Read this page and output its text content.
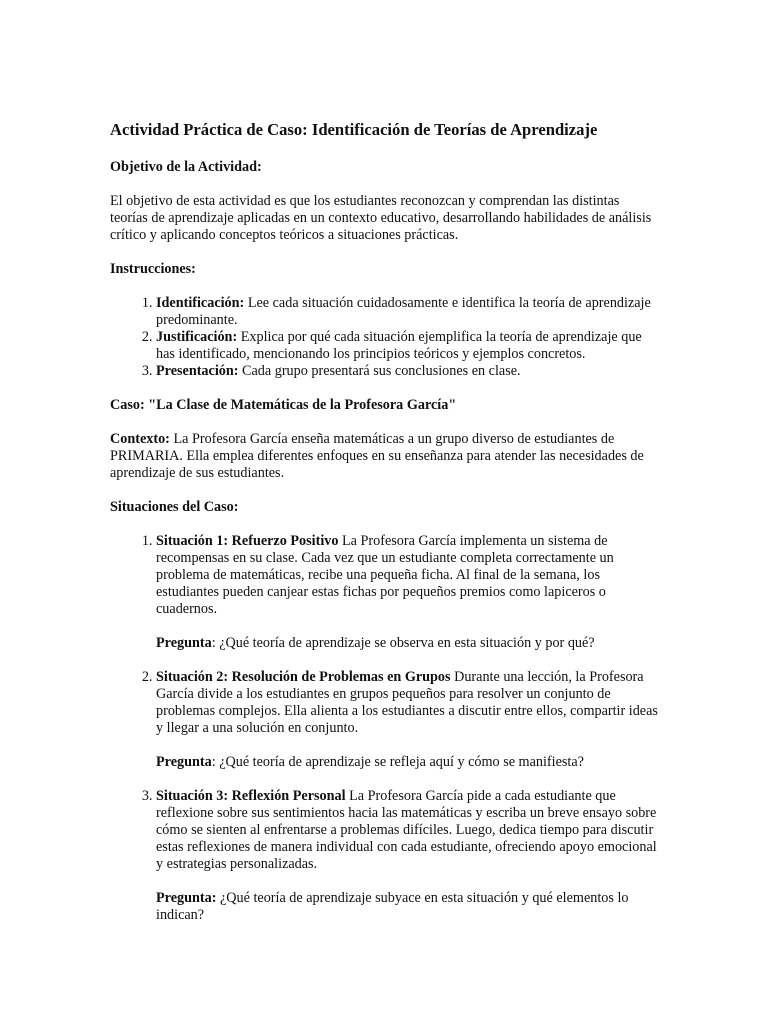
Actividad Práctica de Caso: Identificación de Teorías de Aprendizaje
Objetivo de la Actividad:

El objetivo de esta actividad es que los estudiantes reconozcan y comprendan las distintas teorías de aprendizaje aplicadas en un contexto educativo, desarrollando habilidades de análisis crítico y aplicando conceptos teóricos a situaciones prácticas.

Instrucciones:
1. Identificación: Lee cada situación cuidadosamente e identifica la teoría de aprendizaje predominante.
2. Justificación: Explica por qué cada situación ejemplifica la teoría de aprendizaje que has identificado, mencionando los principios teóricos y ejemplos concretos.
3. Presentación: Cada grupo presentará sus conclusiones en clase.
Caso: "La Clase de Matemáticas de la Profesora García"

Contexto: La Profesora García enseña matemáticas a un grupo diverso de estudiantes de PRIMARIA. Ella emplea diferentes enfoques en su enseñanza para atender las necesidades de aprendizaje de sus estudiantes.

Situaciones del Caso:

1. Situación 1: Refuerzo Positivo La Profesora García implementa un sistema de recompensas en su clase. Cada vez que un estudiante completa correctamente un problema de matemáticas, recibe una pequeña ficha. Al final de la semana, los estudiantes pueden canjear estas fichas por pequeños premios como lapiceros o cuadernos.

Pregunta: ¿Qué teoría de aprendizaje se observa en esta situación y por qué?

2. Situación 2: Resolución de Problemas en Grupos Durante una lección, la Profesora García divide a los estudiantes en grupos pequeños para resolver un conjunto de problemas complejos. Ella alienta a los estudiantes a discutir entre ellos, compartir ideas y llegar a una solución en conjunto.

Pregunta: ¿Qué teoría de aprendizaje se refleja aquí y cómo se manifiesta?

3. Situación 3: Reflexión Personal La Profesora García pide a cada estudiante que reflexione sobre sus sentimientos hacia las matemáticas y escriba un breve ensayo sobre cómo se sienten al enfrentarse a problemas difíciles. Luego, dedica tiempo para discutir estas reflexiones de manera individual con cada estudiante, ofreciendo apoyo emocional y estrategias personalizadas.

Pregunta: ¿Qué teoría de aprendizaje subyace en esta situación y qué elementos lo indican?
